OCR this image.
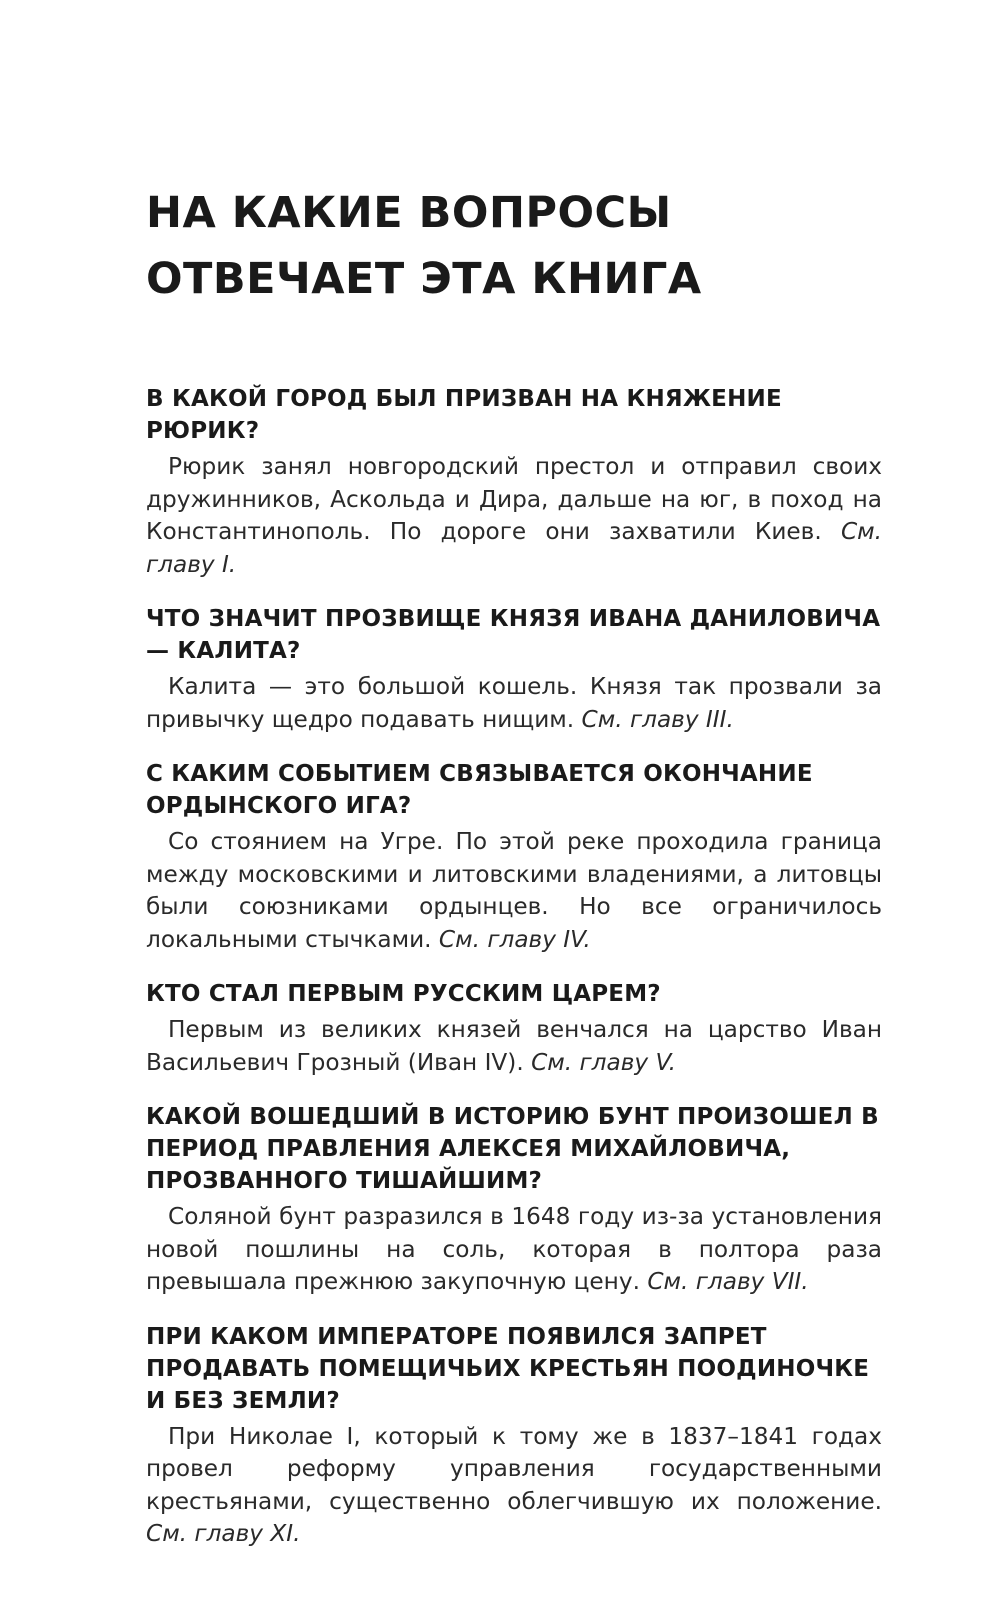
НА КАКИЕ ВОПРОСЫ
ОТВЕЧАЕТ ЭТА КНИГА

В КАКОЙ ГОРОД БЫЛ ПРИЗВАН НА КНЯЖЕНИЕ РЮРИК?

Рюрик занял новгородский престол и отправил своих дружинников, Аскольда и Дира, дальше на юг, в поход на Константинополь. По дороге они захватили Киев. См. главу I.

ЧТО ЗНАЧИТ ПРОЗВИЩЕ КНЯЗЯ ИВАНА ДАНИЛОВИЧА — КАЛИТА?

Калита — это большой кошель. Князя так прозвали за привычку щедро подавать нищим. См. главу III.

С КАКИМ СОБЫТИЕМ СВЯЗЫВАЕТСЯ ОКОНЧАНИЕ ОРДЫНСКОГО ИГА?

Со стоянием на Угре. По этой реке проходила граница между московскими и литовскими владениями, а литовцы были союзниками ордынцев. Но все ограничилось локальными стычками. См. главу IV.

КТО СТАЛ ПЕРВЫМ РУССКИМ ЦАРЕМ?

Первым из великих князей венчался на царство Иван Васильевич Грозный (Иван IV). См. главу V.

КАКОЙ ВОШЕДШИЙ В ИСТОРИЮ БУНТ ПРОИЗОШЕЛ В ПЕРИОД ПРАВЛЕНИЯ АЛЕКСЕЯ МИХАЙЛОВИЧА, ПРОЗВАННОГО ТИШАЙШИМ?

Соляной бунт разразился в 1648 году из-за установления новой пошлины на соль, которая в полтора раза превышала прежнюю закупочную цену. См. главу VII.

ПРИ КАКОМ ИМПЕРАТОРЕ ПОЯВИЛСЯ ЗАПРЕТ ПРОДАВАТЬ ПОМЕЩИЧЬИХ КРЕСТЬЯН ПООДИНОЧКЕ И БЕЗ ЗЕМЛИ?

При Николае I, который к тому же в 1837–1841 годах провел реформу управления государственными крестьянами, существенно облегчившую их положение. См. главу XI.
